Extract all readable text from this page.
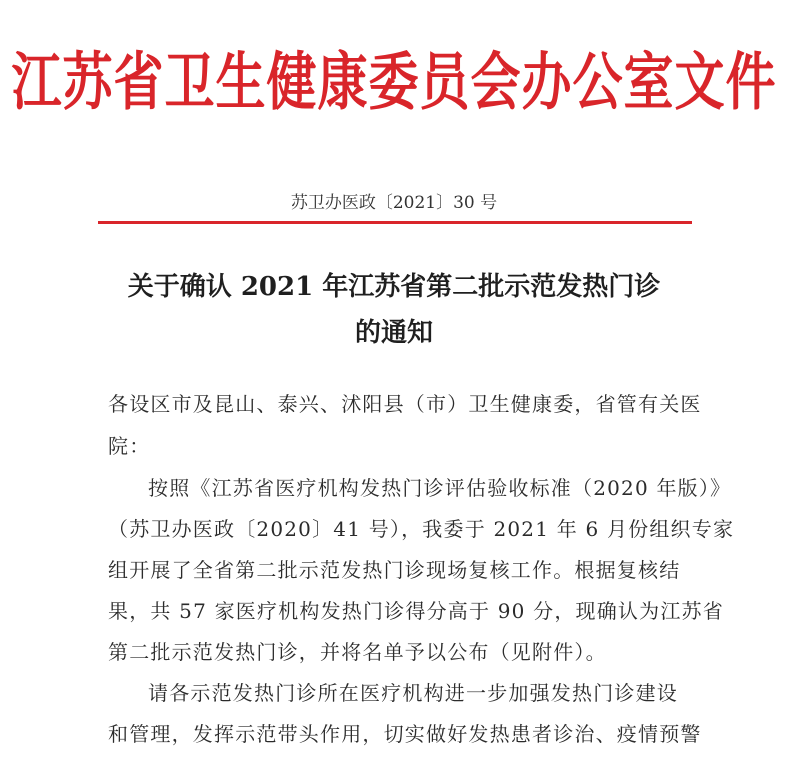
江苏省卫生健康委员会办公室文件
苏卫办医政〔2021〕30 号
关于确认 2021 年江苏省第二批示范发热门诊
的通知
各设区市及昆山、泰兴、沭阳县（市）卫生健康委，省管有关医
院：
按照《江苏省医疗机构发热门诊评估验收标准（2020 年版）》
（苏卫办医政〔2020〕41 号），我委于 2021 年 6 月份组织专家
组开展了全省第二批示范发热门诊现场复核工作。根据复核结
果，共 57 家医疗机构发热门诊得分高于 90 分，现确认为江苏省
第二批示范发热门诊，并将名单予以公布（见附件）。
请各示范发热门诊所在医疗机构进一步加强发热门诊建设
和管理，发挥示范带头作用，切实做好发热患者诊治、疫情预警
